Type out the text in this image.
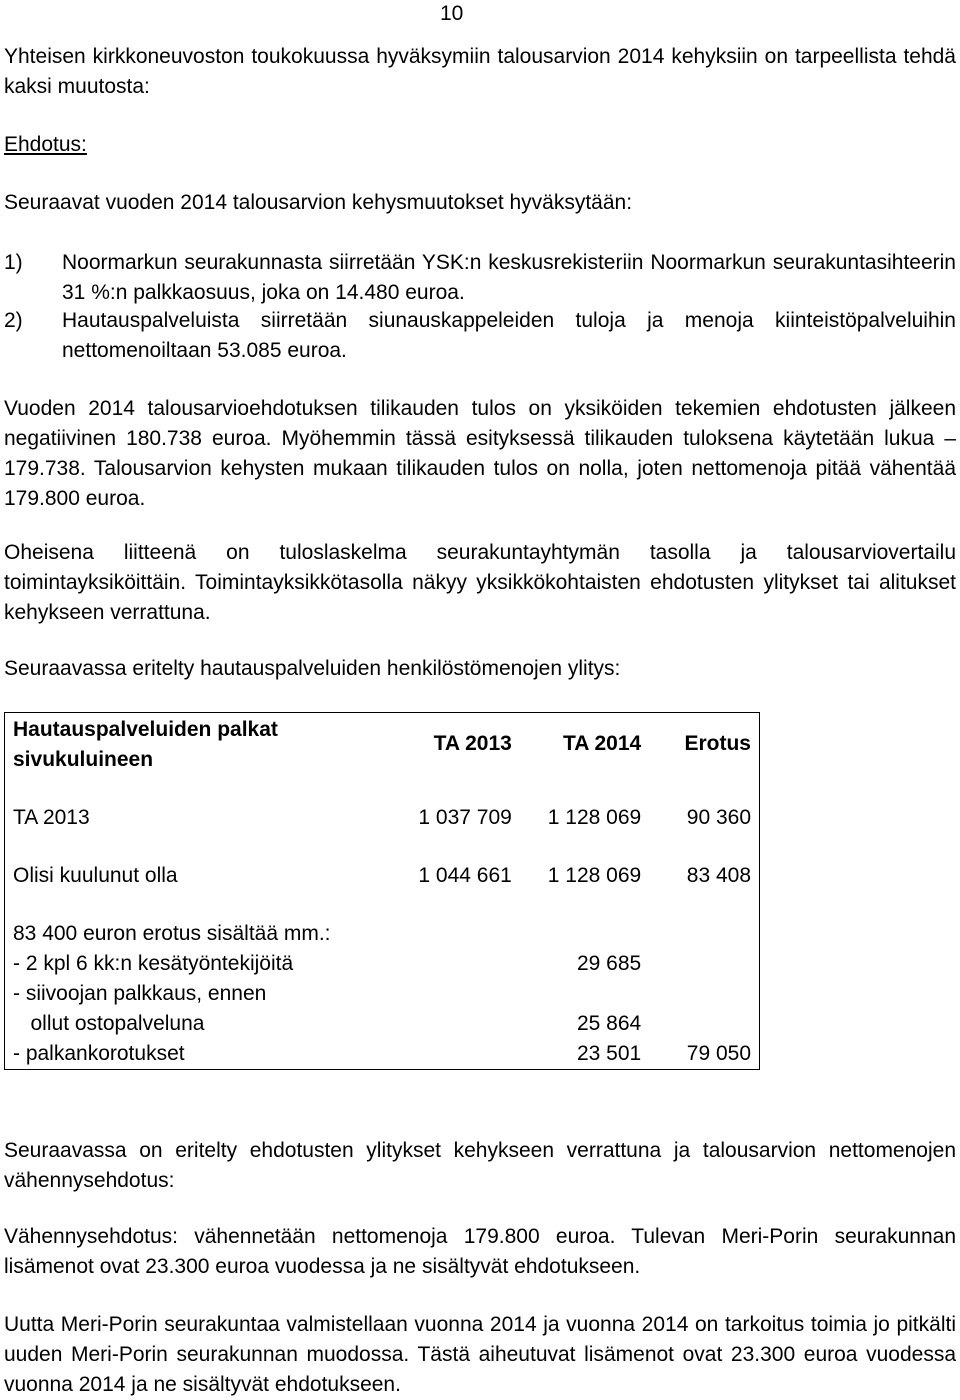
10

Yhteisen kirkkoneuvoston toukokuussa hyväksymiin talousarvion 2014 kehyksiin on tarpeellista tehdä kaksi muutosta:

Ehdotus:

Seuraavat vuoden 2014 talousarvion kehysmuutokset hyväksytään:

1)	Noormarkun seurakunnasta siirretään YSK:n keskusrekisteriin Noormarkun seurakuntasihteerin 31 %:n palkkaosuus, joka on 14.480 euroa.
2)	Hautauspalveluista siirretään siunauskappeleiden tuloja ja menoja kiinteistöpalveluihin nettomenoiltaan 53.085 euroa.

Vuoden 2014 talousarvioehdotuksen tilikauden tulos on yksiköiden tekemien ehdotusten jälkeen negatiivinen 180.738 euroa. Myöhemmin tässä esityksessä tilikauden tuloksena käytetään lukua – 179.738. Talousarvion kehysten mukaan tilikauden tulos on nolla, joten nettomenoja pitää vähentää 179.800 euroa.

Oheisena liitteenä on tuloslaskelma seurakuntayhtymän tasolla ja talousarviovertailu toimintayksiköittäin. Toimintayksikkötasolla näkyy yksikkökohtaisten ehdotusten ylitykset tai alitukset kehykseen verrattuna.

Seuraavassa eritelty hautauspalveluiden henkilöstömenojen ylitys:

Hautauspalveluiden palkat sivukuluineen	TA 2013	TA 2014	Erotus

TA 2013	1 037 709	1 128 069	90 360

Olisi kuulunut olla	1 044 661	1 128 069	83 408

83 400 euron erotus sisältää mm.:			
- 2 kpl 6 kk:n kesätyöntekijöitä		29 685	
- siivoojan palkkaus, ennen			
ollut ostopalveluna		25 864	
- palkankorotukset		23 501	79 050

Seuraavassa on eritelty ehdotusten ylitykset kehykseen verrattuna ja talousarvion nettomenojen vähennysehdotus:

Vähennysehdotus: vähennetään nettomenoja 179.800 euroa. Tulevan Meri-Porin seurakunnan lisämenot ovat 23.300 euroa vuodessa ja ne sisältyvät ehdotukseen.

Uutta Meri-Porin seurakuntaa valmistellaan vuonna 2014 ja vuonna 2014 on tarkoitus toimia jo pitkälti uuden Meri-Porin seurakunnan muodossa. Tästä aiheutuvat lisämenot ovat 23.300 euroa vuodessa vuonna 2014 ja ne sisältyvät ehdotukseen.
